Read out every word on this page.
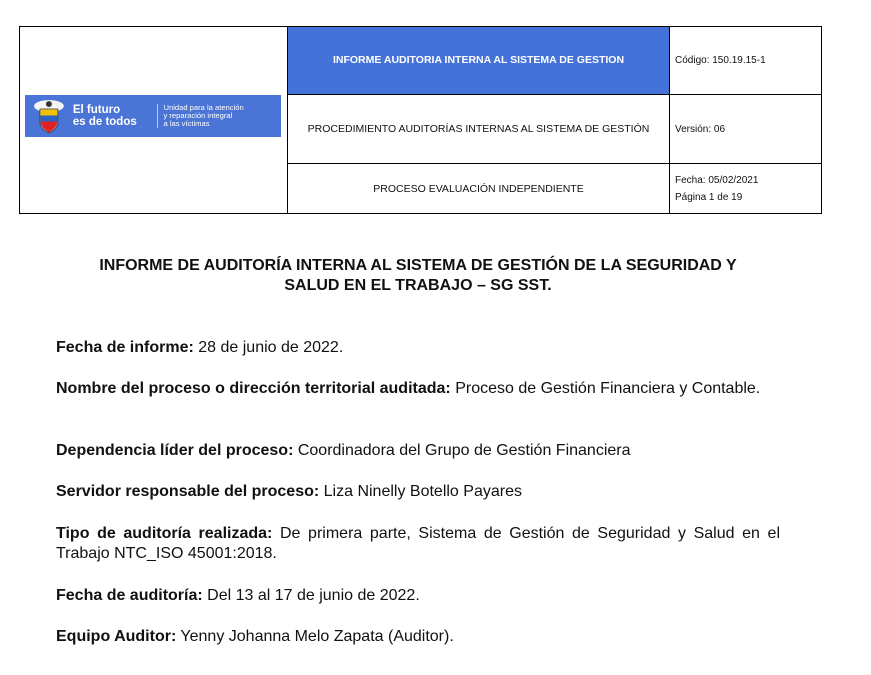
El futuro
es de todos
Unidad para la atención
y reparación integral
a las víctimas	INFORME AUDITORIA INTERNA AL SISTEMA DE GESTION	Código: 150.19.15-1
	PROCEDIMIENTO AUDITORÍAS INTERNAS AL SISTEMA DE GESTIÓN	Versión: 06
	PROCESO EVALUACIÓN INDEPENDIENTE	Fecha: 05/02/2021
Página 1 de 19
INFORME DE AUDITORÍA INTERNA AL SISTEMA DE GESTIÓN DE LA SEGURIDAD Y
SALUD EN EL TRABAJO – SG SST.
Fecha de informe: 28 de junio de 2022.
Nombre del proceso o dirección territorial auditada: Proceso de Gestión Financiera y Contable.
Dependencia líder del proceso: Coordinadora del Grupo de Gestión Financiera
Servidor responsable del proceso: Liza Ninelly Botello Payares
Tipo de auditoría realizada: De primera parte, Sistema de Gestión de Seguridad y Salud en el Trabajo NTC_ISO 45001:2018.
Fecha de auditoría: Del 13 al 17 de junio de 2022.
Equipo Auditor: Yenny Johanna Melo Zapata (Auditor).
